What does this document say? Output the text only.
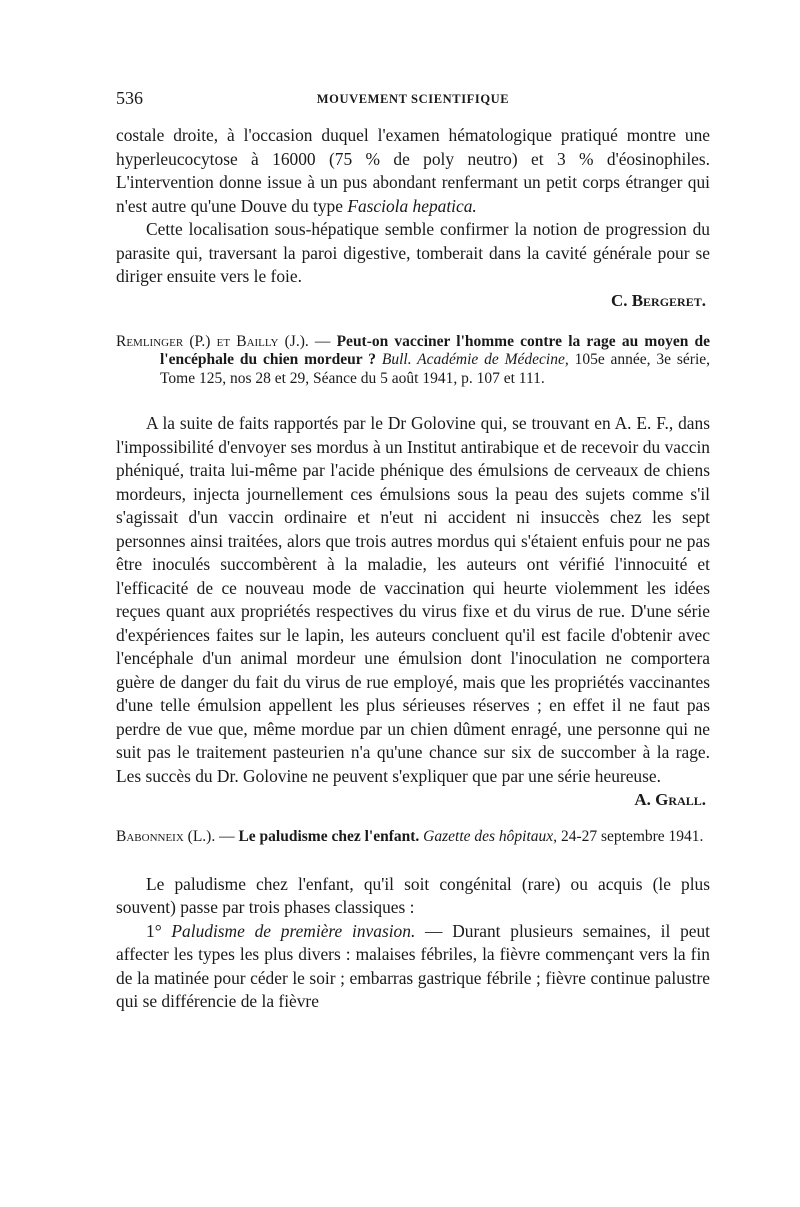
536	MOUVEMENT SCIENTIFIQUE

costale droite, à l'occasion duquel l'examen hématologique pratiqué montre une hyperleucocytose à 16000 (75 % de poly neutro) et 3 % d'éosinophiles. L'intervention donne issue à un pus abondant renfermant un petit corps étranger qui n'est autre qu'une Douve du type Fasciola hepatica.

Cette localisation sous-hépatique semble confirmer la notion de progression du parasite qui, traversant la paroi digestive, tomberait dans la cavité générale pour se diriger ensuite vers le foie.

C. Bergeret.

Remlinger (P.) et Bailly (J.). — Peut-on vacciner l'homme contre la rage au moyen de l'encéphale du chien mordeur ? Bull. Académie de Médecine, 105e année, 3e série, Tome 125, nos 28 et 29, Séance du 5 août 1941, p. 107 et 111.

A la suite de faits rapportés par le Dr Golovine qui, se trouvant en A. E. F., dans l'impossibilité d'envoyer ses mordus à un Institut antirabique et de recevoir du vaccin phéniqué, traita lui-même par l'acide phénique des émulsions de cerveaux de chiens mordeurs, injecta journellement ces émulsions sous la peau des sujets comme s'il s'agissait d'un vaccin ordinaire et n'eut ni accident ni insuccès chez les sept personnes ainsi traitées, alors que trois autres mordus qui s'étaient enfuis pour ne pas être inoculés succombèrent à la maladie, les auteurs ont vérifié l'innocuité et l'efficacité de ce nouveau mode de vaccination qui heurte violemment les idées reçues quant aux propriétés respectives du virus fixe et du virus de rue. D'une série d'expériences faites sur le lapin, les auteurs concluent qu'il est facile d'obtenir avec l'encéphale d'un animal mordeur une émulsion dont l'inoculation ne comportera guère de danger du fait du virus de rue employé, mais que les propriétés vaccinantes d'une telle émulsion appellent les plus sérieuses réserves ; en effet il ne faut pas perdre de vue que, même mordue par un chien dûment enragé, une personne qui ne suit pas le traitement pasteurien n'a qu'une chance sur six de succomber à la rage. Les succès du Dr. Golovine ne peuvent s'expliquer que par une série heureuse.

A. Grall.

Babonneix (L.). — Le paludisme chez l'enfant. Gazette des hôpitaux, 24-27 septembre 1941.

Le paludisme chez l'enfant, qu'il soit congénital (rare) ou acquis (le plus souvent) passe par trois phases classiques :

1° Paludisme de première invasion. — Durant plusieurs semaines, il peut affecter les types les plus divers : malaises fébriles, la fièvre commençant vers la fin de la matinée pour céder le soir ; embarras gastrique fébrile ; fièvre continue palustre qui se différencie de la fièvre
